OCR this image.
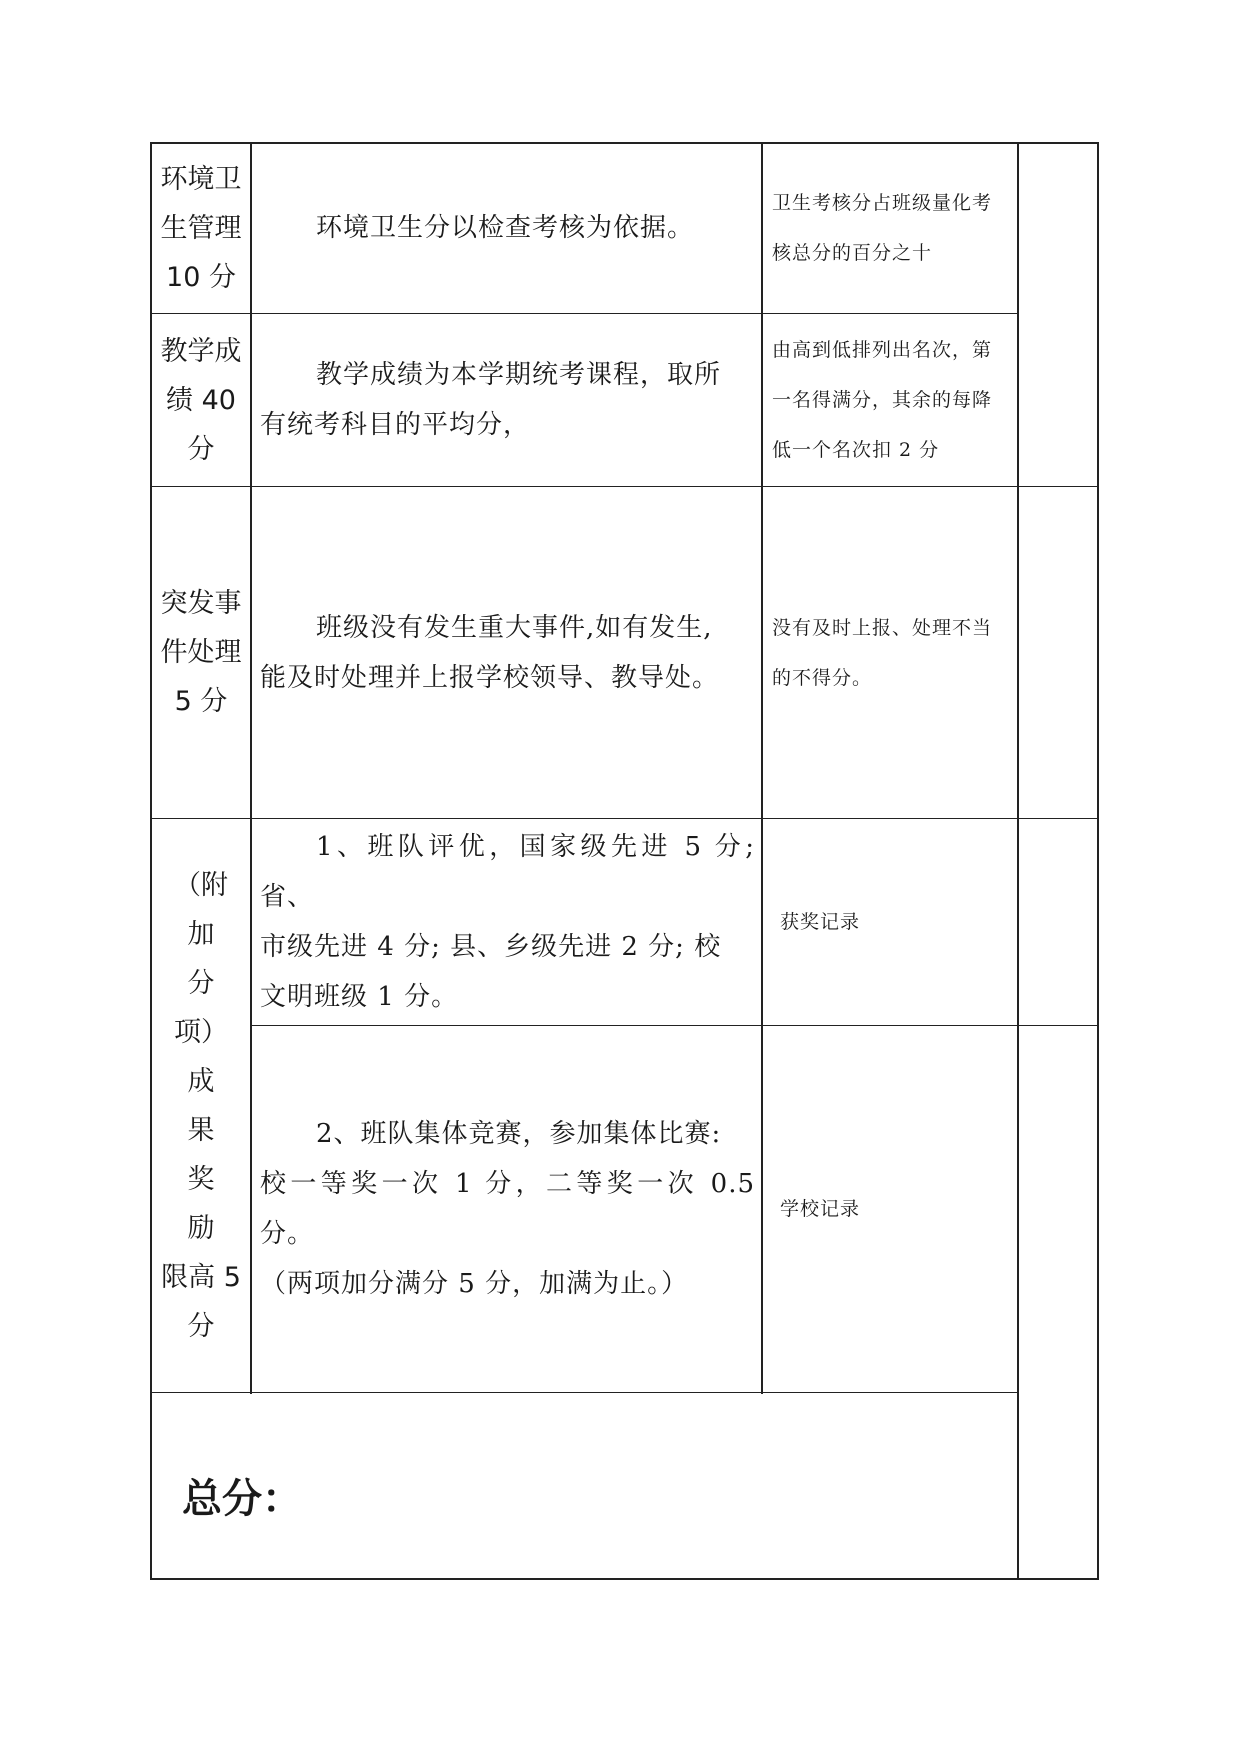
环境卫
生管理
10 分

环境卫生分以检查考核为依据。

卫生考核分占班级量化考

核总分的百分之十

教学成
绩 40
分

教学成绩为本学期统考课程，取所

有统考科目的平均分，

由高到低排列出名次，第

一名得满分，其余的每降

低一个名次扣 2 分

突发事
件处理
5 分

班级没有发生重大事件,如有发生,

能及时处理并上报学校领导、教导处。

没有及时上报、处理不当

的不得分。

（附
加
分
项）
成
果
奖
励
限高 5
分

1、班队评优，国家级先进 5 分; 省、

市级先进 4 分; 县、乡级先进 2 分; 校

文明班级 1 分。

获奖记录

2、班队集体竞赛，参加集体比赛:

校一等奖一次 1 分，二等奖一次 0.5 分。

（两项加分满分 5 分，加满为止。）

学校记录

总分：
